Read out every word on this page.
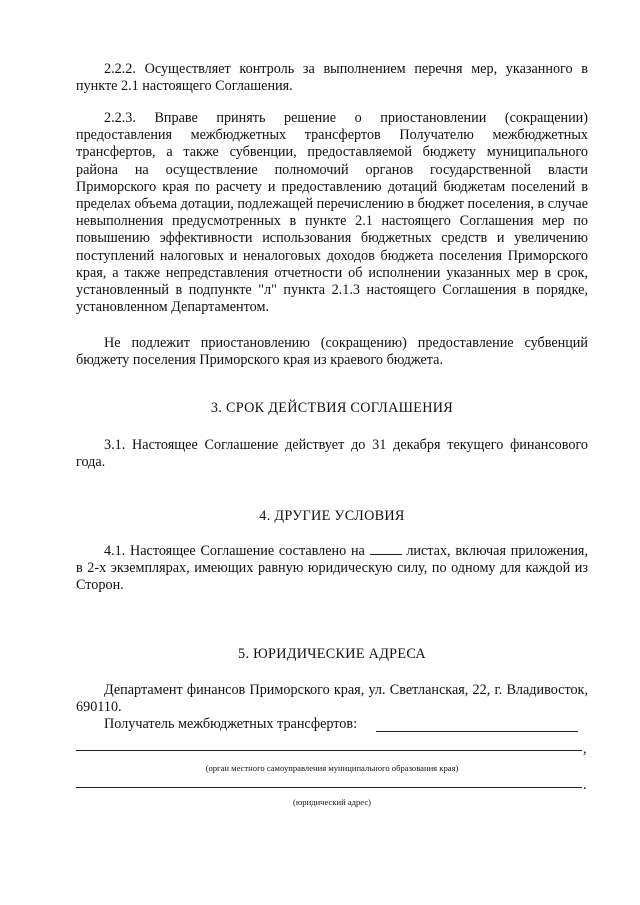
2.2.2. Осуществляет контроль за выполнением перечня мер, указанного в пункте 2.1 настоящего Соглашения.
2.2.3. Вправе принять решение о приостановлении (сокращении) предоставления межбюджетных трансфертов Получателю межбюджетных трансфертов, а также субвенции, предоставляемой бюджету муниципального района на осуществление полномочий органов государственной власти Приморского края по расчету и предоставлению дотаций бюджетам поселений в пределах объема дотации, подлежащей перечислению в бюджет поселения, в случае невыполнения предусмотренных в пункте 2.1 настоящего Соглашения мер по повышению эффективности использования бюджетных средств и увеличению поступлений налоговых и неналоговых доходов бюджета поселения Приморского края, а также непредставления отчетности об исполнении указанных мер в срок, установленный в подпункте "л" пункта 2.1.3 настоящего Соглашения в порядке, установленном Департаментом.
Не подлежит приостановлению (сокращению) предоставление субвенций бюджету поселения Приморского края из краевого бюджета.
3. СРОК ДЕЙСТВИЯ СОГЛАШЕНИЯ
3.1. Настоящее Соглашение действует до 31 декабря текущего финансового года.
4. ДРУГИЕ УСЛОВИЯ
4.1. Настоящее Соглашение составлено на	листах, включая приложения, в 2-х экземплярах, имеющих равную юридическую силу, по одному для каждой из Сторон.
5. ЮРИДИЧЕСКИЕ АДРЕСА
Департамент финансов Приморского края, ул. Светланская, 22, г. Владивосток, 690110.
Получатель межбюджетных трансфертов:
,
(орган местного самоуправления муниципального образования края)
.
(юридический адрес)
